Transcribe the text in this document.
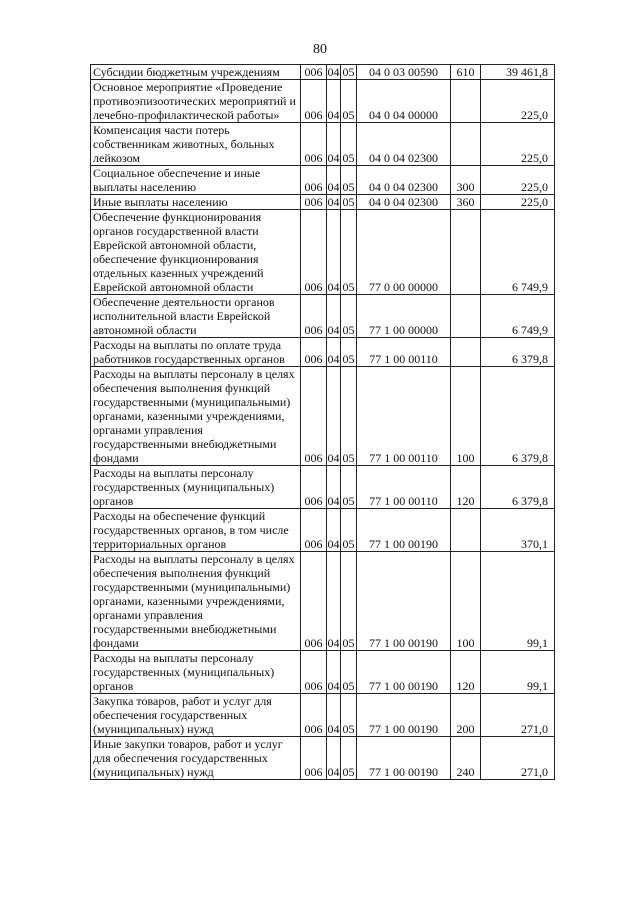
80
Субсидии бюджетным учреждениям	006	04	05	04 0 03 00590	610	39 461,8
Основное мероприятие «Проведение противоэпизоотических мероприятий и лечебно-профилактической работы»	006	04	05	04 0 04 00000		225,0
Компенсация части потерь собственникам животных, больных лейкозом	006	04	05	04 0 04 02300		225,0
Социальное обеспечение и иные выплаты населению	006	04	05	04 0 04 02300	300	225,0
Иные выплаты населению	006	04	05	04 0 04 02300	360	225,0
Обеспечение функционирования органов государственной власти Еврейской автономной области, обеспечение функционирования отдельных казенных учреждений Еврейской автономной области	006	04	05	77 0 00 00000		6 749,9
Обеспечение деятельности органов исполнительной власти Еврейской автономной области	006	04	05	77 1 00 00000		6 749,9
Расходы на выплаты по оплате труда работников государственных органов	006	04	05	77 1 00 00110		6 379,8
Расходы на выплаты персоналу в целях обеспечения выполнения функций государственными (муниципальными) органами, казенными учреждениями, органами управления государственными внебюджетными фондами	006	04	05	77 1 00 00110	100	6 379,8
Расходы на выплаты персоналу государственных (муниципальных) органов	006	04	05	77 1 00 00110	120	6 379,8
Расходы на обеспечение функций государственных органов, в том числе территориальных органов	006	04	05	77 1 00 00190		370,1
Расходы на выплаты персоналу в целях обеспечения выполнения функций государственными (муниципальными) органами, казенными учреждениями, органами управления государственными внебюджетными фондами	006	04	05	77 1 00 00190	100	99,1
Расходы на выплаты персоналу государственных (муниципальных) органов	006	04	05	77 1 00 00190	120	99,1
Закупка товаров, работ и услуг для обеспечения государственных (муниципальных) нужд	006	04	05	77 1 00 00190	200	271,0
Иные закупки товаров, работ и услуг для обеспечения государственных (муниципальных) нужд	006	04	05	77 1 00 00190	240	271,0
